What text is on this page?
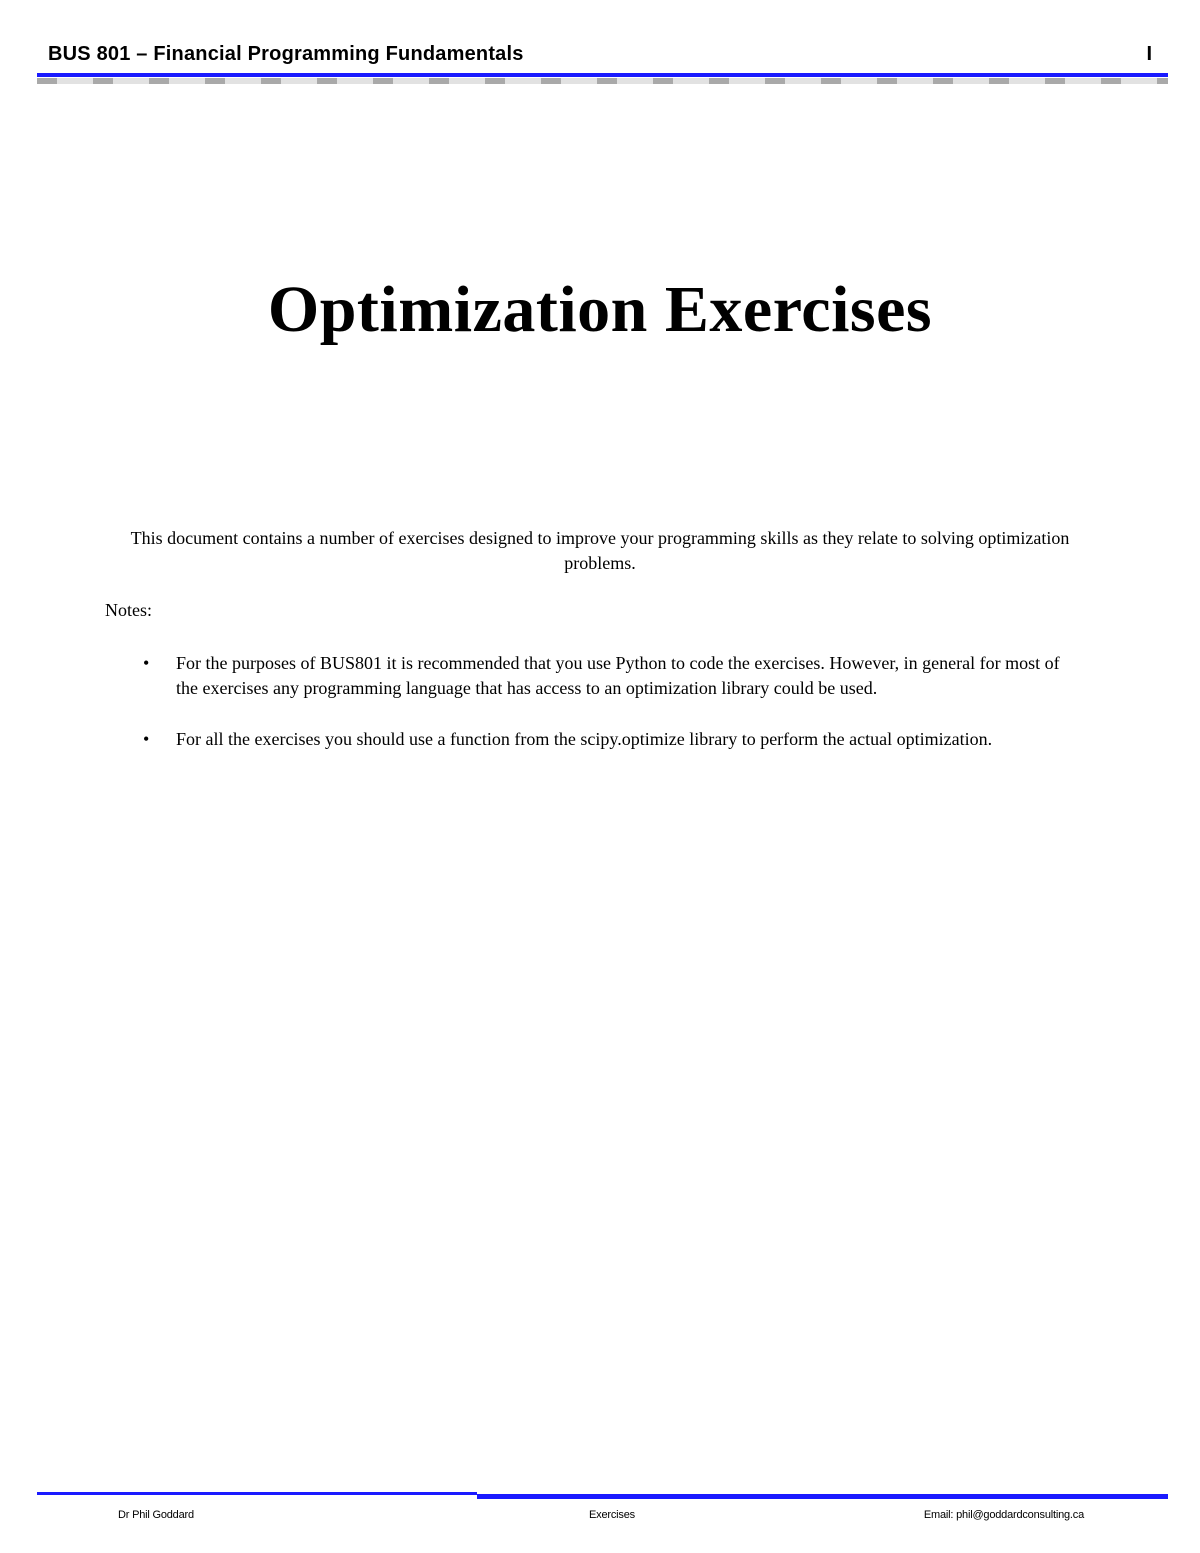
BUS 801 – Financial Programming Fundamentals	I
Optimization Exercises
This document contains a number of exercises designed to improve your programming skills as they relate to solving optimization problems.
Notes:
• For the purposes of BUS801 it is recommended that you use Python to code the exercises. However, in general for most of the exercises any programming language that has access to an optimization library could be used.
• For all the exercises you should use a function from the scipy.optimize library to perform the actual optimization.
Dr Phil Goddard	Exercises	Email: phil@goddardconsulting.ca
